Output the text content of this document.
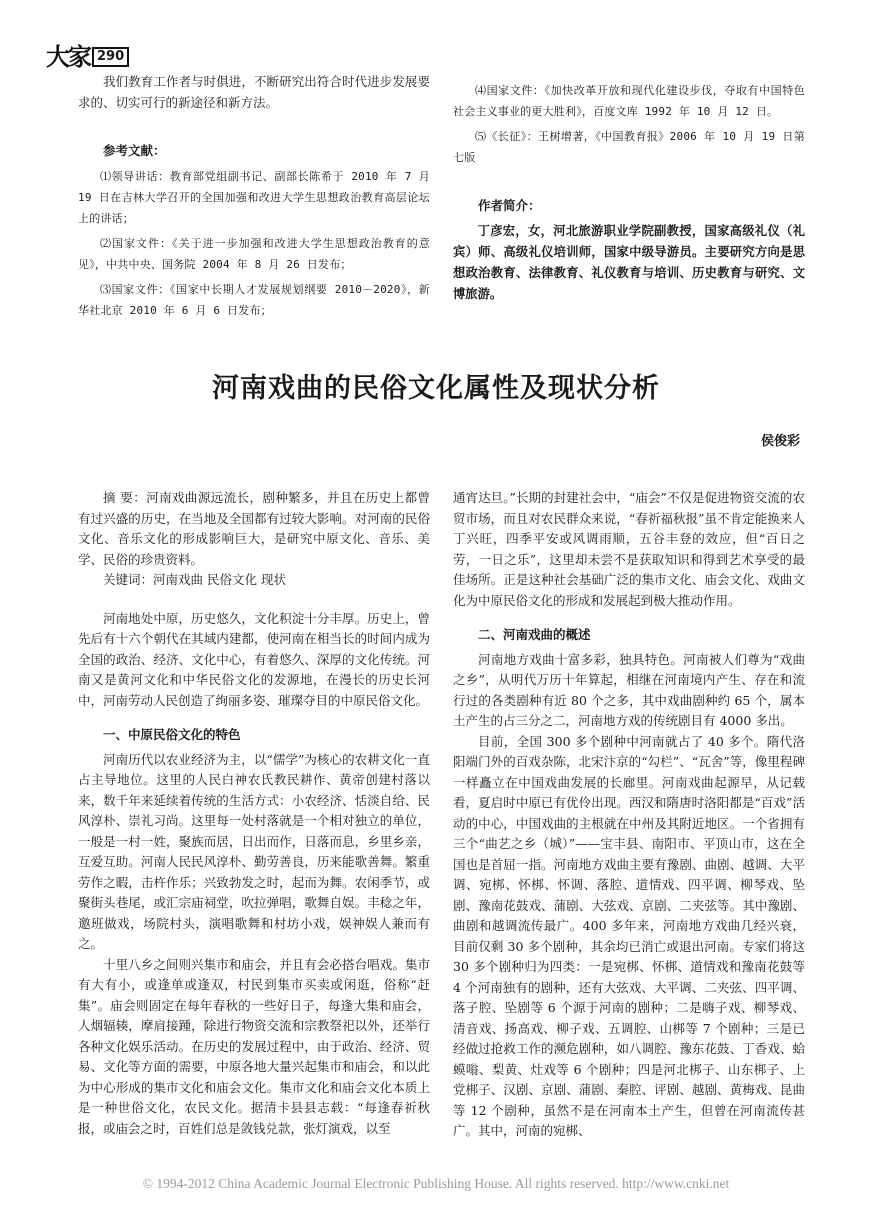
大家 290

我们教育工作者与时俱进，不断研究出符合时代进步发展要求的、切实可行的新途径和新方法。

参考文献：

⑴领导讲话：教育部党组副书记、副部长陈希于 2010 年 7 月 19 日在吉林大学召开的全国加强和改进大学生思想政治教育高层论坛上的讲话；

⑵国家文件：《关于进一步加强和改进大学生思想政治教育的意见》，中共中央、国务院 2004 年 8 月 26 日发布；

⑶国家文件：《国家中长期人才发展规划纲要 2010－2020》，新华社北京 2010 年 6 月 6 日发布；

⑷国家文件：《加快改革开放和现代化建设步伐，夺取有中国特色社会主义事业的更大胜利》，百度文库 1992 年 10 月 12 日。

⑸《长征》：王树增著，《中国教育报》2006 年 10 月 19 日第七版

作者简介：

丁彦宏，女，河北旅游职业学院副教授，国家高级礼仪（礼宾）师、高级礼仪培训师，国家中级导游员。主要研究方向是思想政治教育、法律教育、礼仪教育与培训、历史教育与研究、文博旅游。

河南戏曲的民俗文化属性及现状分析

侯俊彩

摘 要：河南戏曲源远流长，剧种繁多，并且在历史上都曾有过兴盛的历史，在当地及全国都有过较大影响。对河南的民俗文化、音乐文化的形成影响巨大，是研究中原文化、音乐、美学、民俗的珍贵资料。

关键词：河南戏曲 民俗文化 现状

河南地处中原，历史悠久，文化积淀十分丰厚。历史上，曾先后有十六个朝代在其域内建都，使河南在相当长的时间内成为全国的政治、经济、文化中心，有着悠久、深厚的文化传统。河南又是黄河文化和中华民俗文化的发源地，在漫长的历史长河中，河南劳动人民创造了绚丽多姿、璀璨夺目的中原民俗文化。

一、中原民俗文化的特色

河南历代以农业经济为主，以“儒学”为核心的农耕文化一直占主导地位。这里的人民白神农氏教民耕作、黄帝创建村落以来，数千年来延续着传统的生活方式：小农经济、恬淡自给、民风淳朴、崇礼习尚。这里每一处村落就是一个相对独立的单位，一般是一村一姓，聚族而居，日出而作，日落而息，乡里乡亲，互爱互助。河南人民民风淳朴、勤劳善良，历来能歌善舞。繁重劳作之暇，击杵作乐；兴致勃发之时，起而为舞。农闲季节，或聚街头巷尾，或汇宗庙祠堂，吹拉弹唱，歌舞自娱。丰稔之年，邀班做戏，场院村头，演唱歌舞和村坊小戏，娱神娱人兼而有之。

十里八乡之间则兴集市和庙会，并且有会必搭台唱戏。集市有大有小，或逢单或逢双，村民到集市买卖或闲逛，俗称“赶集”。庙会则固定在每年春秋的一些好日子，每逢大集和庙会，人烟辐辏，摩肩接踵，除进行物资交流和宗教祭祀以外，还举行各种文化娱乐活动。在历史的发展过程中，由于政治、经济、贸易、文化等方面的需要，中原各地大量兴起集市和庙会，和以此为中心形成的集市文化和庙会文化。集市文化和庙会文化本质上是一种世俗文化，农民文化。据清卡县县志载：“每逢春祈秋报，或庙会之时，百姓们总是敛钱兑款，张灯演戏，以至

通宵达旦。”长期的封建社会中，“庙会”不仅是促进物资交流的农贸市场，而且对农民群众来说，“春祈福秋报”虽不肯定能换来人丁兴旺，四季平安或风调雨顺，五谷丰登的效应，但“百日之劳，一日之乐”，这里却未尝不是获取知识和得到艺术享受的最佳场所。正是这种社会基础广泛的集市文化、庙会文化、戏曲文化为中原民俗文化的形成和发展起到极大推动作用。

二、河南戏曲的概述

河南地方戏曲十富多彩，独具特色。河南被人们尊为“戏曲之乡”，从明代万历十年算起，相继在河南境内产生、存在和流行过的各类剧种有近 80 个之多，其中戏曲剧种约 65 个，属本土产生的占三分之二，河南地方戏的传统剧目有 4000 多出。

目前，全国 300 多个剧种中河南就占了 40 多个。隋代洛阳端门外的百戏杂陈，北宋汴京的“勾栏”、“瓦舍”等，像里程碑一样矗立在中国戏曲发展的长廊里。河南戏曲起源早，从记载看，夏启时中原已有优伶出现。西汉和隋唐时洛阳都是“百戏”活动的中心，中国戏曲的主根就在中州及其附近地区。一个省拥有三个“曲艺之乡（城）”——宝丰县、南阳市、平顶山市，这在全国也是首屈一指。河南地方戏曲主要有豫剧、曲剧、越调、大平调、宛梆、怀梆、怀调、落腔、道情戏、四平调、柳琴戏、坠剧、豫南花鼓戏、蒲剧、大弦戏、京剧、二夹弦等。其中豫剧、曲剧和越调流传最广。400 多年来，河南地方戏曲几经兴衰，目前仅剩 30 多个剧种，其余均已消亡或退出河南。专家们将这 30 多个剧种归为四类：一是宛梆、怀梆、道情戏和豫南花鼓等 4 个河南独有的剧种，还有大弦戏、大平调、二夹弦、四平调、落子腔、坠剧等 6 个源于河南的剧种；二是嗨子戏、柳琴戏、清音戏、扬高戏、柳子戏、五调腔、山梆等 7 个剧种；三是已经做过抢救工作的濒危剧种，如八调腔、豫东花鼓、丁香戏、蛤蟆嗡、梨黄、灶戏等 6 个剧种；四是河北梆子、山东梆子、上党梆子、汉剧、京剧、蒲剧、秦腔、评剧、越剧、黄梅戏、昆曲等 12 个剧种，虽然不是在河南本土产生，但曾在河南流传甚广。其中，河南的宛梆、

© 1994-2012 China Academic Journal Electronic Publishing House. All rights reserved. http://www.cnki.net
